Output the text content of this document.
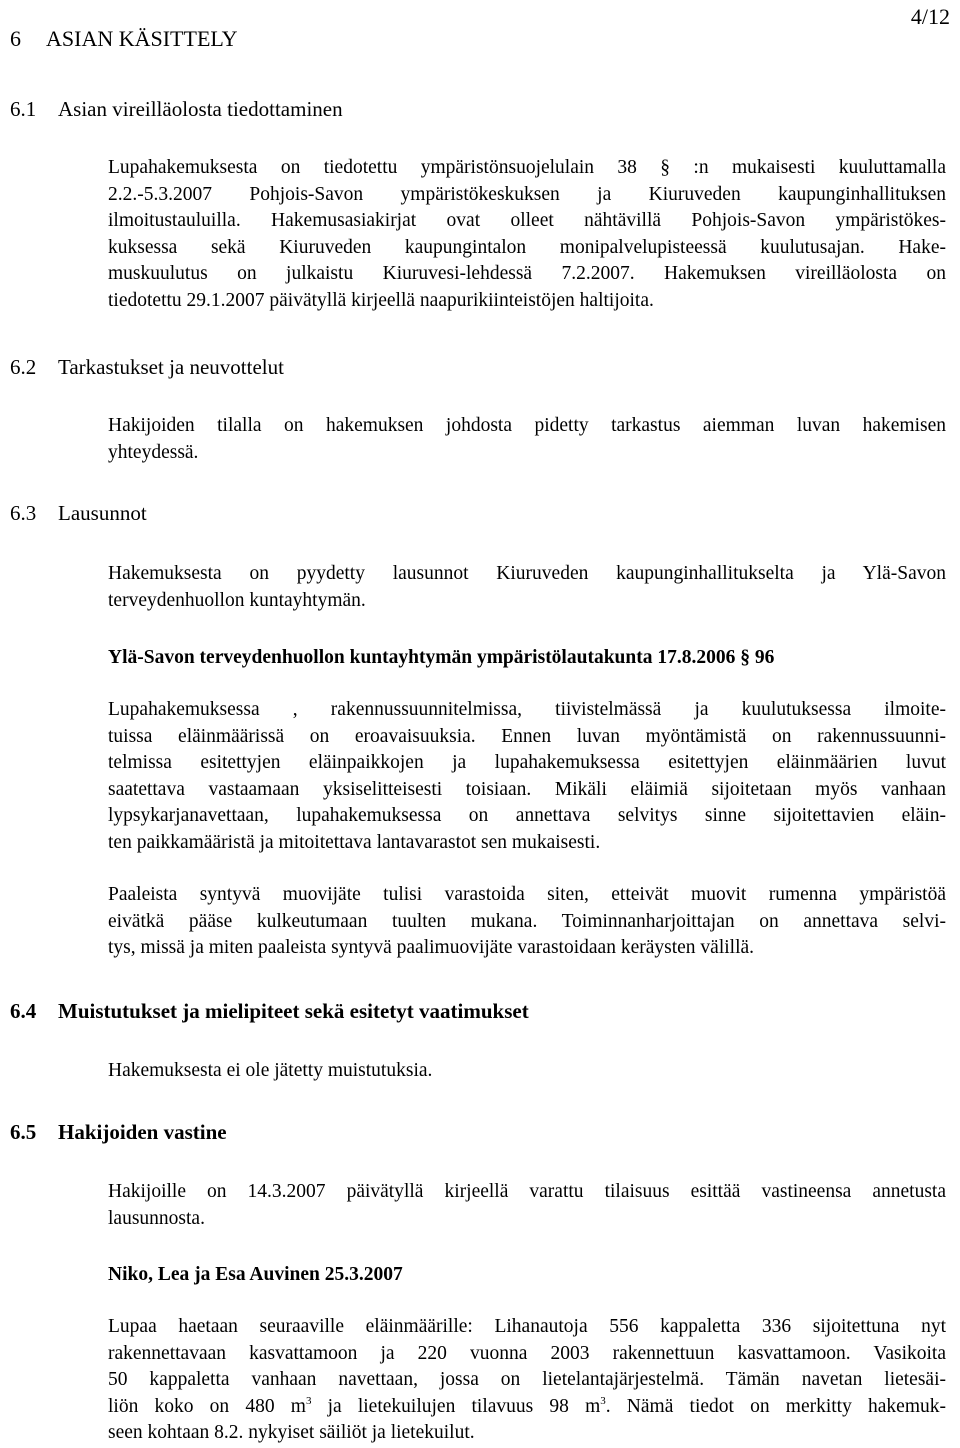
4/12
6 ASIAN KÄSITTELY
6.1 Asian vireilläolosta tiedottaminen
Lupahakemuksesta on tiedotettu ympäristönsuojelulain 38 § :n mukaisesti kuuluttamalla
2.2.-5.3.2007 Pohjois-Savon ympäristökeskuksen ja Kiuruveden kaupunginhallituksen
ilmoitustauluilla. Hakemusasiakirjat ovat olleet nähtävillä Pohjois-Savon ympäristökes-
kuksessa sekä Kiuruveden kaupungintalon monipalvelupisteessä kuulutusajan. Hake-
muskuulutus on julkaistu Kiuruvesi-lehdessä 7.2.2007. Hakemuksen vireilläolosta on
tiedotettu 29.1.2007 päivätyllä kirjeellä naapurikiinteistöjen haltijoita.
6.2 Tarkastukset ja neuvottelut
Hakijoiden tilalla on hakemuksen johdosta pidetty tarkastus aiemman luvan hakemisen
yhteydessä.
6.3 Lausunnot
Hakemuksesta on pyydetty lausunnot Kiuruveden kaupunginhallitukselta ja Ylä-Savon
terveydenhuollon kuntayhtymän.
Ylä-Savon terveydenhuollon kuntayhtymän ympäristölautakunta 17.8.2006 § 96
Lupahakemuksessa , rakennussuunnitelmissa, tiivistelmässä ja kuulutuksessa ilmoite-
tuissa eläinmäärissä on eroavaisuuksia. Ennen luvan myöntämistä on rakennussuunni-
telmissa esitettyjen eläinpaikkojen ja lupahakemuksessa esitettyjen eläinmäärien luvut
saatettava vastaamaan yksiselitteisesti toisiaan. Mikäli eläimiä sijoitetaan myös vanhaan
lypsykarjanavettaan, lupahakemuksessa on annettava selvitys sinne sijoitettavien eläin-
ten paikkamääristä ja mitoitettava lantavarastot sen mukaisesti.
Paaleista syntyvä muovijäte tulisi varastoida siten, etteivät muovit rumenna ympäristöä
eivätkä pääse kulkeutumaan tuulten mukana. Toiminnanharjoittajan on annettava selvi-
tys, missä ja miten paaleista syntyvä paalimuovijäte varastoidaan keräysten välillä.
6.4 Muistutukset ja mielipiteet sekä esitetyt vaatimukset
Hakemuksesta ei ole jätetty muistutuksia.
6.5 Hakijoiden vastine
Hakijoille on 14.3.2007 päivätyllä kirjeellä varattu tilaisuus esittää vastineensa annetusta
lausunnosta.
Niko, Lea ja Esa Auvinen 25.3.2007
Lupaa haetaan seuraaville eläinmäärille: Lihanautoja 556 kappaletta 336 sijoitettuna nyt
rakennettavaan kasvattamoon ja 220 vuonna 2003 rakennettuun kasvattamoon. Vasikoita
50 kappaletta vanhaan navettaan, jossa on lietelantajärjestelmä. Tämän navetan lietesäi-
liön koko on 480 $m^3$ ja lietekuilujen tilavuus 98 $m^3$. Nämä tiedot on merkitty hakemuk-
seen kohtaan 8.2. nykyiset säiliöt ja lietekuilut.
